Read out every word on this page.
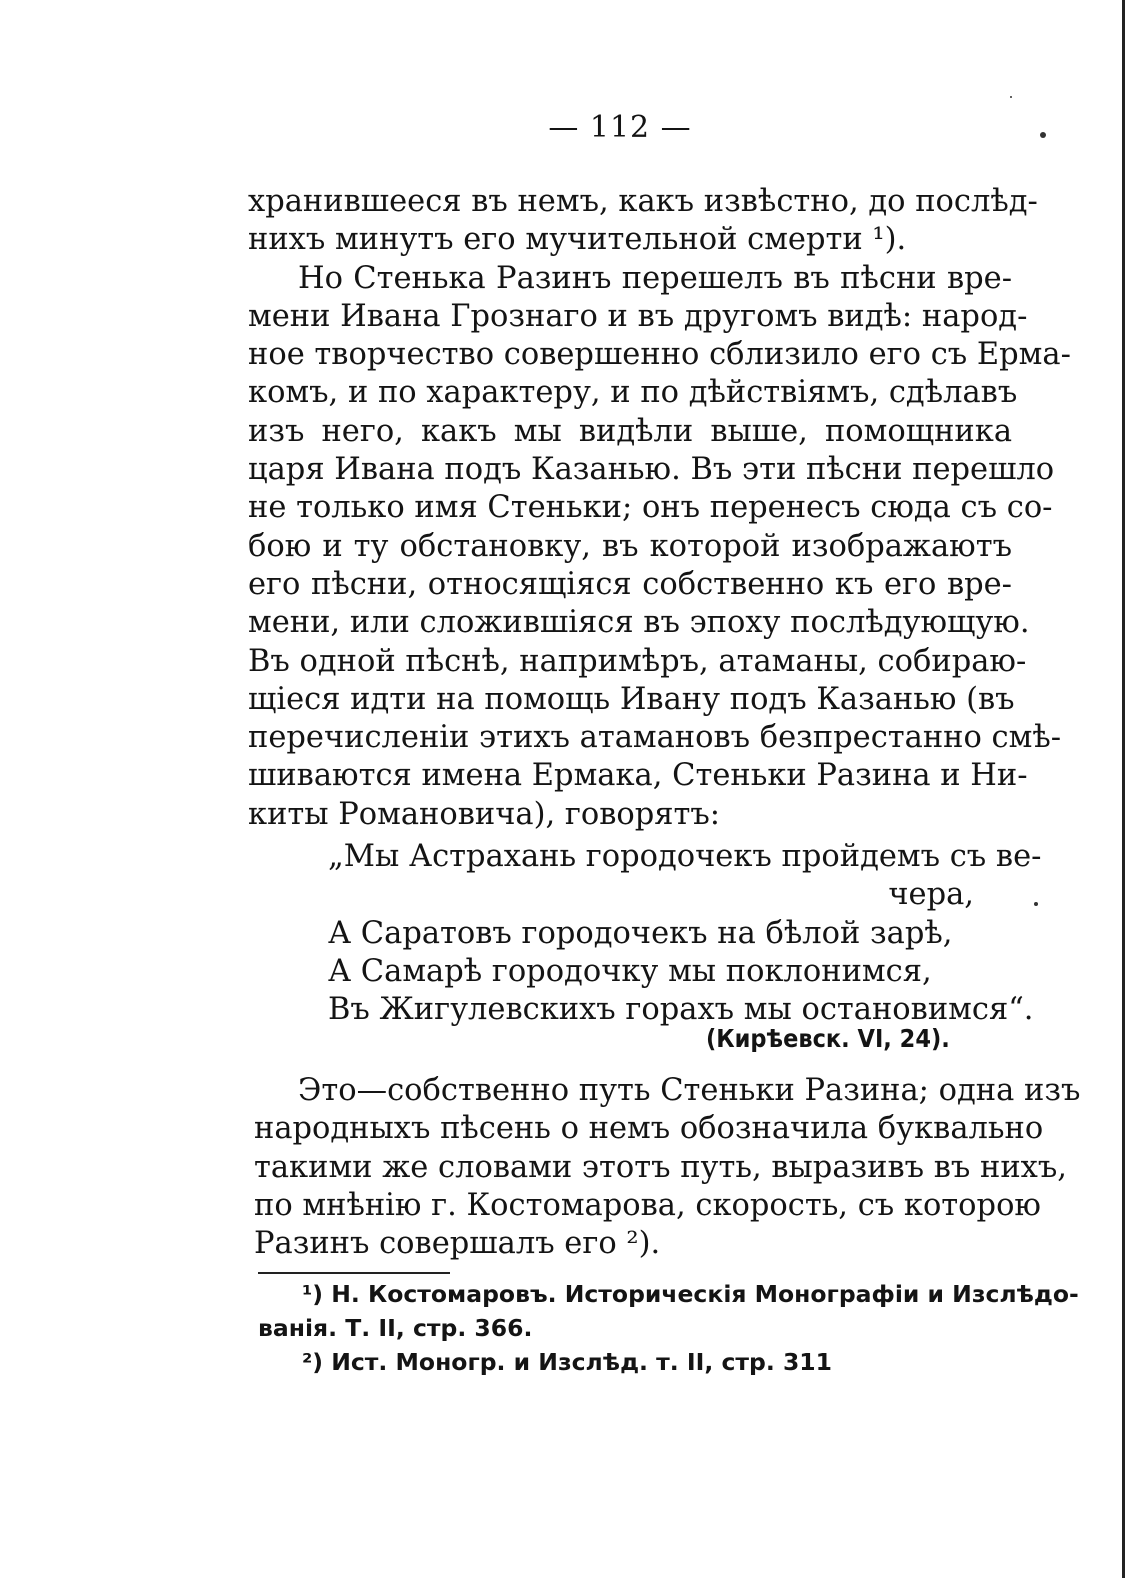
— 112 —
хранившееся въ немъ, какъ извѣстно, до послѣд-
нихъ минутъ его мучительной смерти ¹).
Но Стенька Разинъ перешелъ въ пѣсни вре-
мени Ивана Грознаго и въ другомъ видѣ: народ-
ное творчество совершенно сблизило его съ Ерма-
комъ, и по характеру, и по дѣйствіямъ, сдѣлавъ
изъ него, какъ мы видѣли выше, помощника
царя Ивана подъ Казанью. Въ эти пѣсни перешло
не только имя Стеньки; онъ перенесъ сюда съ со-
бою и ту обстановку, въ которой изображаютъ
его пѣсни, относящіяся собственно къ его вре-
мени, или сложившіяся въ эпоху послѣдующую.
Въ одной пѣснѣ, напримѣръ, атаманы, собираю-
щіеся идти на помощь Ивану подъ Казанью (въ
перечисленіи этихъ атамановъ безпрестанно смѣ-
шиваются имена Ермака, Стеньки Разина и Ни-
киты Романовича), говорятъ:
„Мы Астрахань городочекъ пройдемъ съ ве-
чера,
А Саратовъ городочекъ на бѣлой зарѣ,
А Самарѣ городочку мы поклонимся,
Въ Жигулевскихъ горахъ мы остановимся“.
(Кирѣевск. VI, 24).
Это—собственно путь Стеньки Разина; одна изъ
народныхъ пѣсень о немъ обозначила буквально
такими же словами этотъ путь, выразивъ въ нихъ,
по мнѣнію г. Костомарова, скорость, съ которою
Разинъ совершалъ его ²).
¹) Н. Костомаровъ. Историческія Монографіи и Изслѣдо-
ванія. Т. II, стр. 366.
²) Ист. Моногр. и Изслѣд. т. II, стр. 311
